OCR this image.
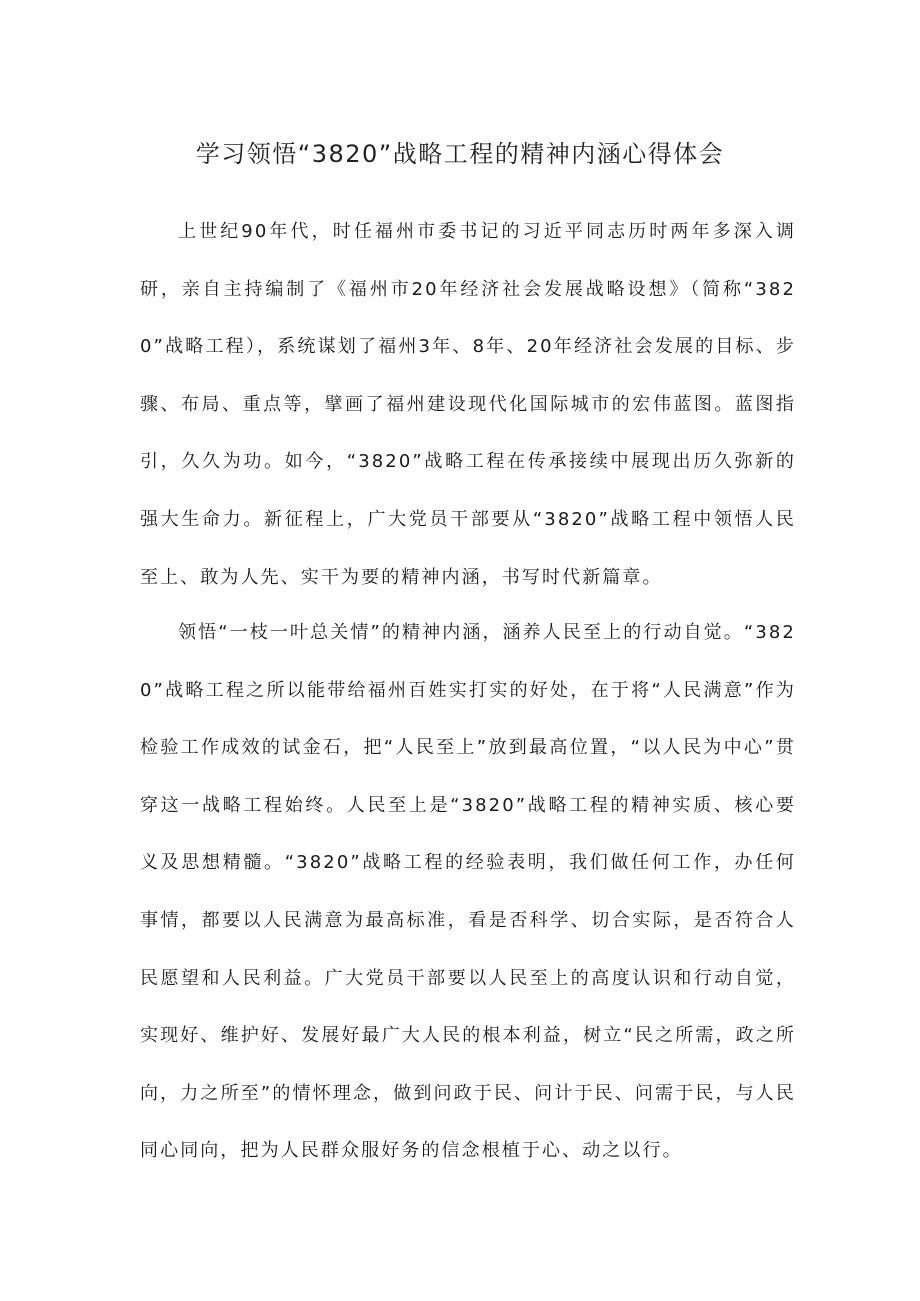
学习领悟“3820”战略工程的精神内涵心得体会

上世纪90年代，时任福州市委书记的习近平同志历时两年多深入调研，亲自主持编制了《福州市20年经济社会发展战略设想》（简称“3820”战略工程），系统谋划了福州3年、8年、20年经济社会发展的目标、步骤、布局、重点等，擘画了福州建设现代化国际城市的宏伟蓝图。蓝图指引，久久为功。如今，“3820”战略工程在传承接续中展现出历久弥新的强大生命力。新征程上，广大党员干部要从“3820”战略工程中领悟人民至上、敢为人先、实干为要的精神内涵，书写时代新篇章。

领悟“一枝一叶总关情”的精神内涵，涵养人民至上的行动自觉。“3820”战略工程之所以能带给福州百姓实打实的好处，在于将“人民满意”作为检验工作成效的试金石，把“人民至上”放到最高位置，“以人民为中心”贯穿这一战略工程始终。人民至上是“3820”战略工程的精神实质、核心要义及思想精髓。“3820”战略工程的经验表明，我们做任何工作，办任何事情，都要以人民满意为最高标准，看是否科学、切合实际，是否符合人民愿望和人民利益。广大党员干部要以人民至上的高度认识和行动自觉，实现好、维护好、发展好最广大人民的根本利益，树立“民之所需，政之所向，力之所至”的情怀理念，做到问政于民、问计于民、问需于民，与人民同心同向，把为人民群众服好务的信念根植于心、动之以行。
